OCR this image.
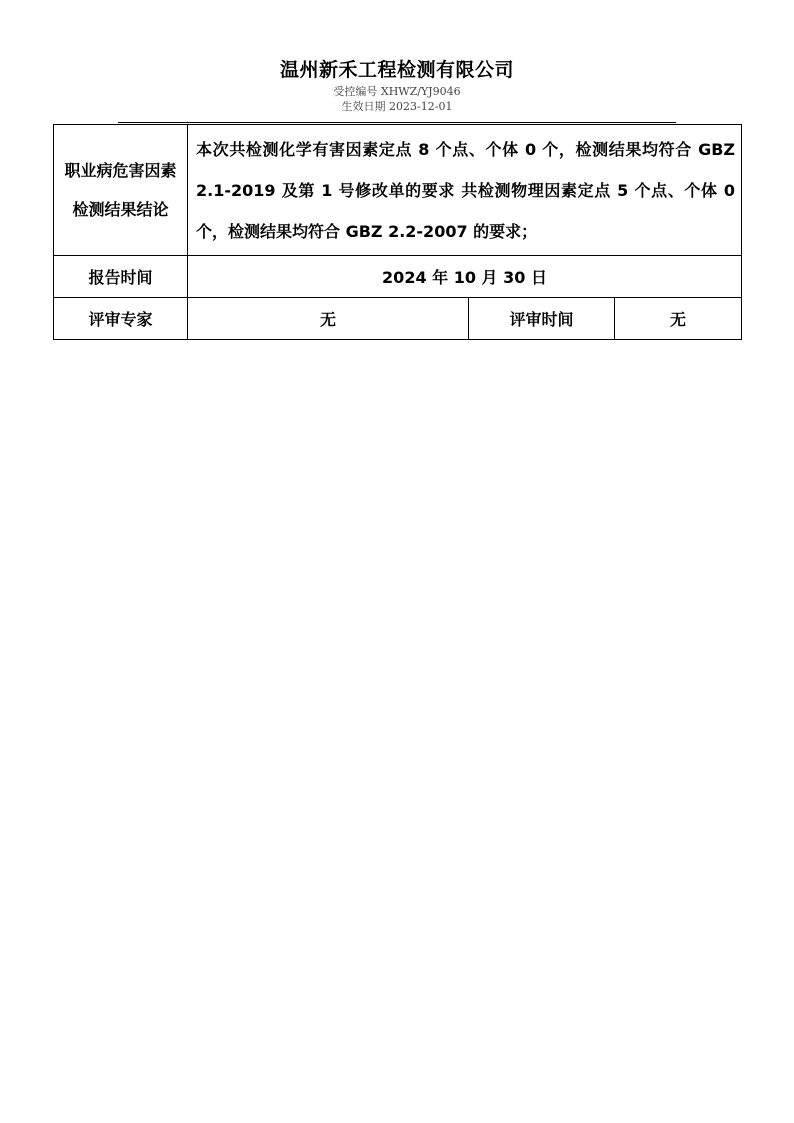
温州新禾工程检测有限公司
受控编号 XHWZ/YJ9046
生效日期 2023-12-01
职业病危害因素检测结果结论	本次共检测化学有害因素定点 8 个点、个体 0 个，检测结果均符合 GBZ 2.1-2019 及第 1 号修改单的要求 共检测物理因素定点 5 个点、个体 0 个，检测结果均符合 GBZ 2.2-2007 的要求；		
报告时间	2024 年 10 月 30 日		
评审专家	无	评审时间	无
